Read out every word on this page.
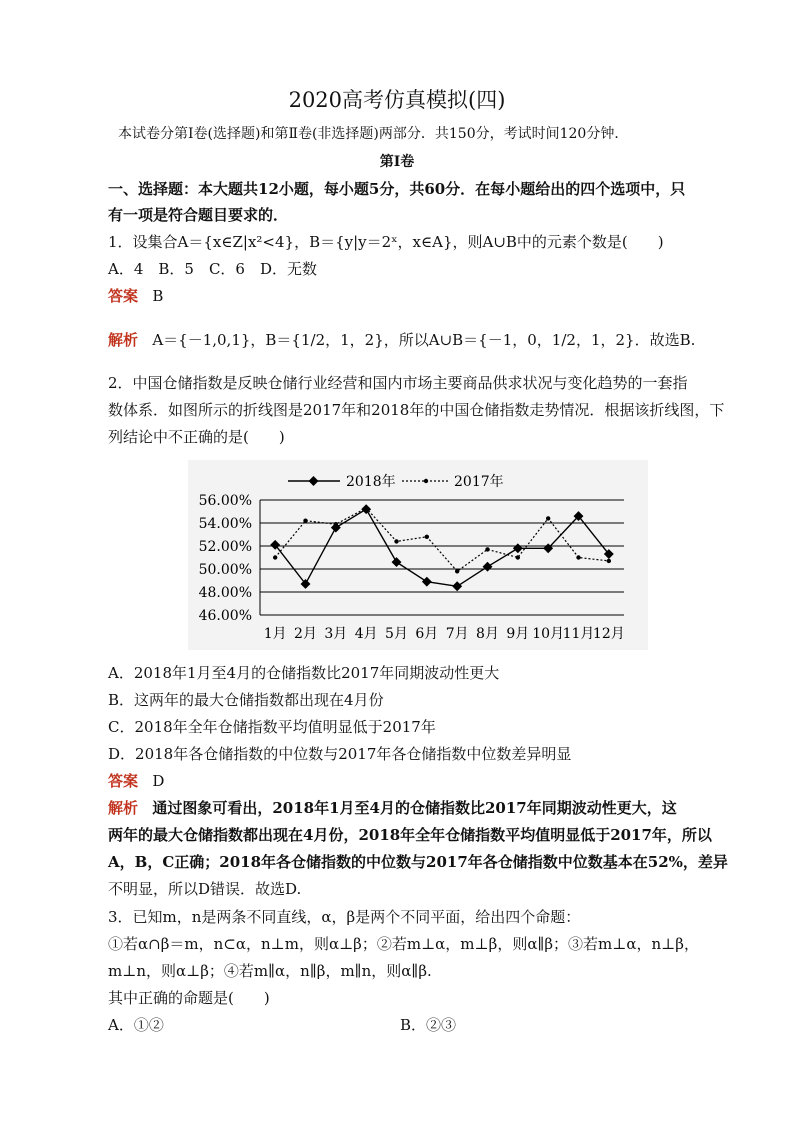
2020高考仿真模拟(四)
本试卷分第Ⅰ卷(选择题)和第Ⅱ卷(非选择题)两部分．共150分，考试时间120分钟．
第Ⅰ卷
一、选择题：本大题共12小题，每小题5分，共60分．在每小题给出的四个选项中，只
有一项是符合题目要求的．
1．设集合A＝{x∈Z|x²<4}，B＝{y|y＝2ˣ，x∈A}，则A∪B中的元素个数是(　　)
A．4　B．5　C．6　D．无数
答案 B
解析 A＝{－1,0,1}，B＝{1/2，1，2}，所以A∪B＝{－1，0，1/2，1，2}．故选B.
2．中国仓储指数是反映仓储行业经营和国内市场主要商品供求状况与变化趋势的一套指
数体系．如图所示的折线图是2017年和2018年的中国仓储指数走势情况．根据该折线图，下
列结论中不正确的是(　　)
2018年	2017年
56.00%
54.00%
52.00%
50.00%
48.00%
46.00%
1月 2月 3月 4月 5月 6月 7月 8月 9月 10月
11月
12月
A．2018年1月至4月的仓储指数比2017年同期波动性更大
B．这两年的最大仓储指数都出现在4月份
C．2018年全年仓储指数平均值明显低于2017年
D．2018年各仓储指数的中位数与2017年各仓储指数中位数差异明显
答案 D
解析 通过图象可看出，2018年1月至4月的仓储指数比2017年同期波动性更大，这
两年的最大仓储指数都出现在4月份，2018年全年仓储指数平均值明显低于2017年，所以
A，B，C正确；2018年各仓储指数的中位数与2017年各仓储指数中位数基本在52%，差异
不明显，所以D错误．故选D.
3．已知m，n是两条不同直线，α，β是两个不同平面，给出四个命题：
①若α∩β＝m，n⊂α，n⊥m，则α⊥β；②若m⊥α，m⊥β，则α∥β；③若m⊥α，n⊥β，
m⊥n，则α⊥β；④若m∥α，n∥β，m∥n，则α∥β.
其中正确的命题是(　　)
A．①②	B．②③
